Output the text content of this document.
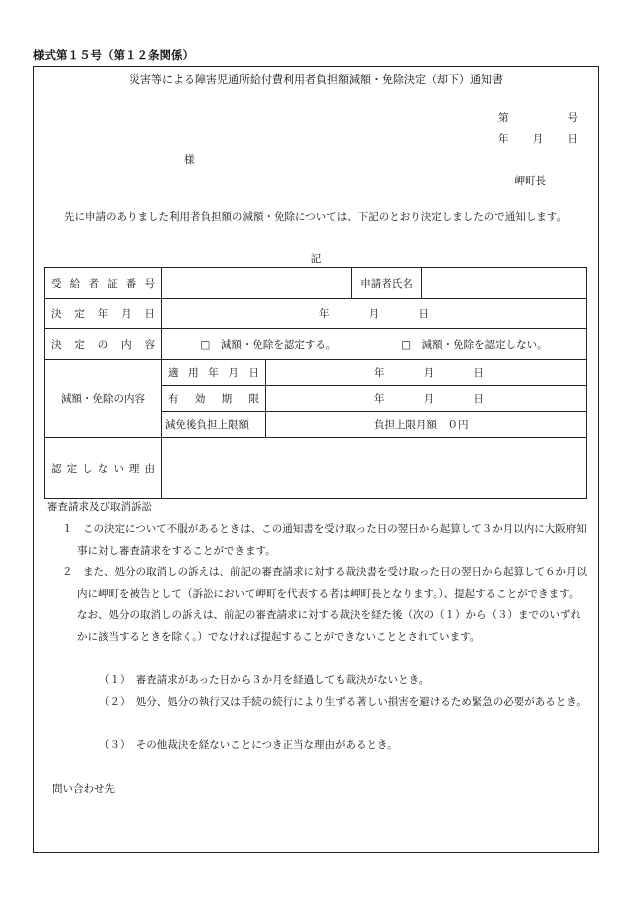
様式第１５号（第１２条関係）
災害等による障害児通所給付費利用者負担額減額・免除決定（却下）通知書
第	号
年 月 日
様
岬町長
先に申請のありました利用者負担額の減額・免除については、下記のとおり決定しましたので通知します。
記
受給者証番号			申請者氏名	
決定年月日	年 月 日			

決定の内容	□　減額・免除を認定する。 □　減額・免除を認定しない。			

減額・免除の内容	適用年月日	年 月 日		

	有効期限	年 月 日		

	減免後負担上限額	負担上限月額　０円		
認定しない理由				
審査請求及び取消訴訟
１　この決定について不服があるときは、この通知書を受け取った日の翌日から起算して３か月以内に大阪府知事に対し審査請求をすることができます。
２　また、処分の取消しの訴えは、前記の審査請求に対する裁決書を受け取った日の翌日から起算して６か月以内に岬町を被告として（訴訟において岬町を代表する者は岬町長となります。）、提起することができます。なお、処分の取消しの訴えは、前記の審査請求に対する裁決を経た後（次の（１）から（３）までのいずれかに該当するときを除く。）でなければ提起することができないこととされています。
（１）　審査請求があった日から３か月を経過しても裁決がないとき。
（２）　処分、処分の執行又は手続の続行により生ずる著しい損害を避けるため緊急の必要があるとき。
（３）　その他裁決を経ないことにつき正当な理由があるとき。
問い合わせ先
